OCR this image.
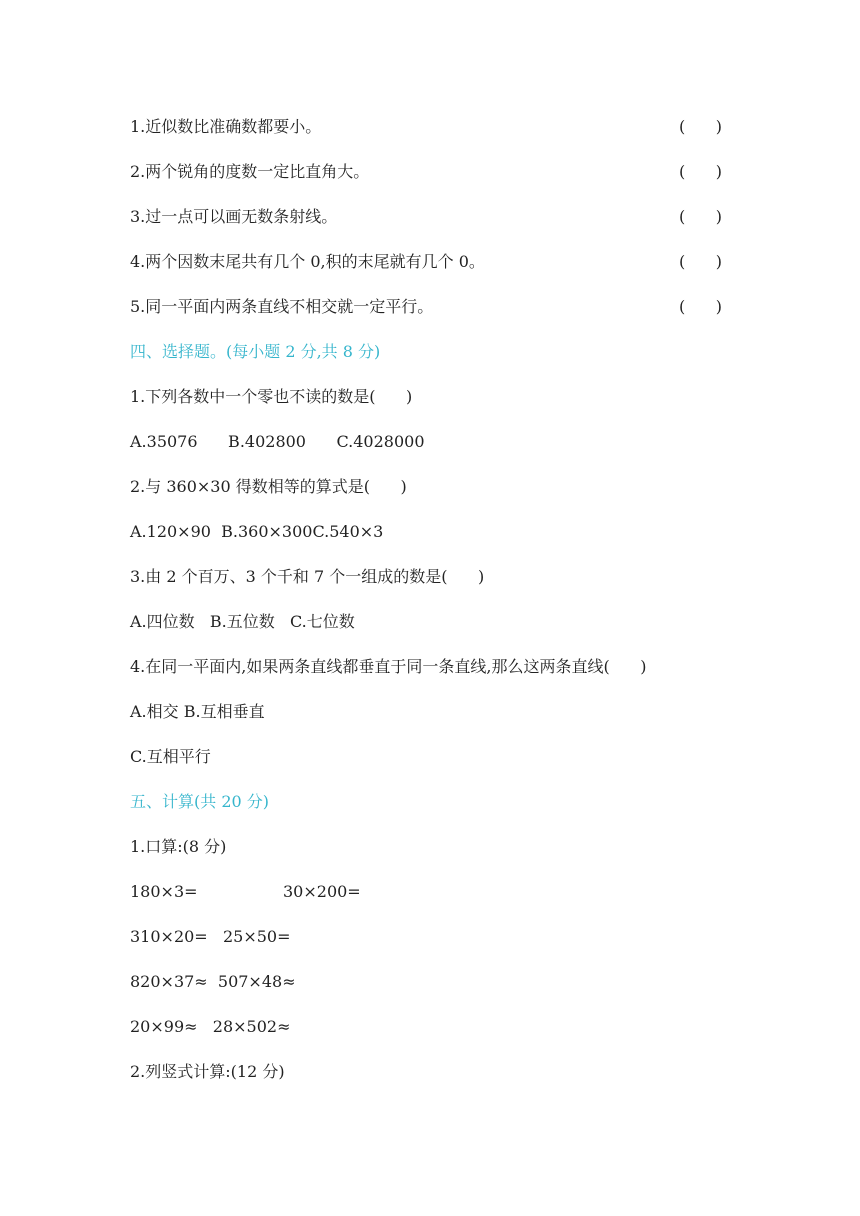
1.近似数比准确数都要小。	(      )
2.两个锐角的度数一定比直角大。	(      )
3.过一点可以画无数条射线。	(      )
4.两个因数末尾共有几个 0,积的末尾就有几个 0。	(      )
5.同一平面内两条直线不相交就一定平行。	(      )
四、选择题。(每小题 2 分,共 8 分)
1.下列各数中一个零也不读的数是(      )
A.35076      B.402800      C.4028000
2.与 360×30 得数相等的算式是(      )
A.120×90  B.360×300C.540×3
3.由 2 个百万、3 个千和 7 个一组成的数是(      )
A.四位数   B.五位数   C.七位数
4.在同一平面内,如果两条直线都垂直于同一条直线,那么这两条直线(      )
A.相交 B.互相垂直
C.互相平行
五、计算(共 20 分)
1.口算:(8 分)
180×3=	30×200=
310×20=   25×50=
820×37≈  507×48≈
20×99≈   28×502≈
2.列竖式计算:(12 分)
